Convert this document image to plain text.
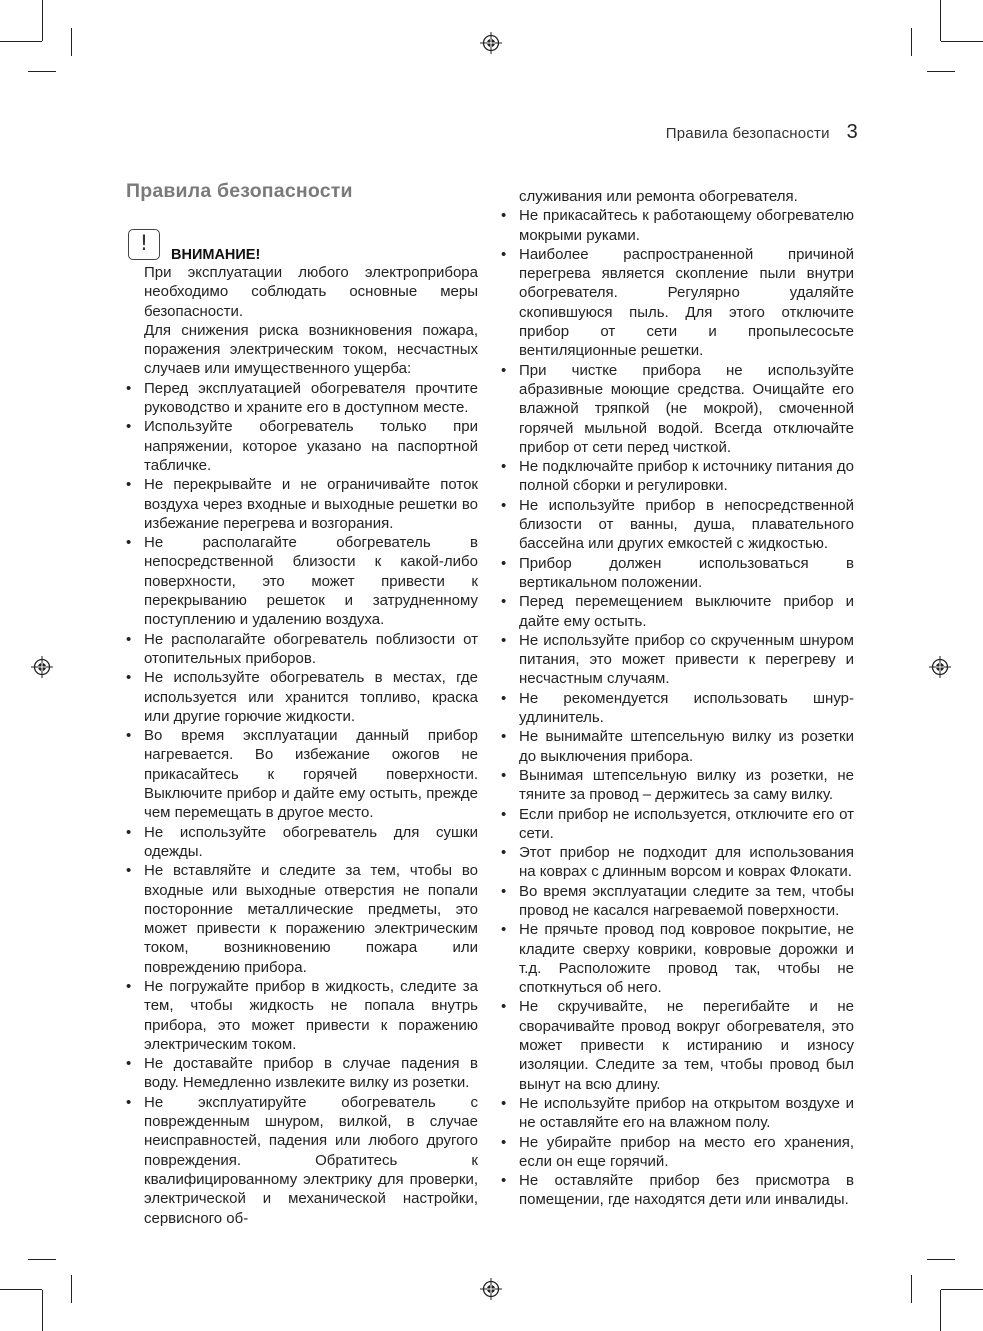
Правила безопасности 3
Правила безопасности
!	ВНИМАНИЕ!

При эксплуатации любого электроприбора необходимо соблюдать основные меры безопасности.

Для снижения риска возникновения пожара, поражения электрическим током, несчастных случаев или имущественного ущерба:

• Перед эксплуатацией обогревателя прочтите руководство и храните его в доступном месте.
• Используйте обогреватель только при напряжении, которое указано на паспортной табличке.
• Не перекрывайте и не ограничивайте поток воздуха через входные и выходные решетки во избежание перегрева и возгорания.
• Не располагайте обогреватель в непосредственной близости к какой-либо поверхности, это может привести к перекрыванию решеток и затрудненному поступлению и удалению воздуха.
• Не располагайте обогреватель поблизости от отопительных приборов.
• Не используйте обогреватель в местах, где используется или хранится топливо, краска или другие горючие жидкости.
• Во время эксплуатации данный прибор нагревается. Во избежание ожогов не прикасайтесь к горячей поверхности. Выключите прибор и дайте ему остыть, прежде чем перемещать в другое место.
• Не используйте обогреватель для сушки одежды.
• Не вставляйте и следите за тем, чтобы во входные или выходные отверстия не попали посторонние металлические предметы, это может привести к поражению электрическим током, возникновению пожара или повреждению прибора.
• Не погружайте прибор в жидкость, следите за тем, чтобы жидкость не попала внутрь прибора, это может привести к поражению электрическим током.
• Не доставайте прибор в случае падения в воду. Немедленно извлеките вилку из розетки.
• Не эксплуатируйте обогреватель с поврежденным шнуром, вилкой, в случае неисправностей, падения или любого другого повреждения. Обратитесь к квалифицированному электрику для проверки, электрической и механической настройки, сервисного об-

служивания или ремонта обогревателя.

• Не прикасайтесь к работающему обогревателю мокрыми руками.
• Наиболее распространенной причиной перегрева является скопление пыли внутри обогревателя. Регулярно удаляйте скопившуюся пыль. Для этого отключите прибор от сети и пропылесосьте вентиляционные решетки.
• При чистке прибора не используйте абразивные моющие средства. Очищайте его влажной тряпкой (не мокрой), смоченной горячей мыльной водой. Всегда отключайте прибор от сети перед чисткой.
• Не подключайте прибор к источнику питания до полной сборки и регулировки.
• Не используйте прибор в непосредственной близости от ванны, душа, плавательного бассейна или других емкостей с жидкостью.
• Прибор должен использоваться в вертикальном положении.
• Перед перемещением выключите прибор и дайте ему остыть.
• Не используйте прибор со скрученным шнуром питания, это может привести к перегреву и несчастным случаям.
• Не рекомендуется использовать шнур-удлинитель.
• Не вынимайте штепсельную вилку из розетки до выключения прибора.
• Вынимая штепсельную вилку из розетки, не тяните за провод – держитесь за саму вилку.
• Если прибор не используется, отключите его от сети.
• Этот прибор не подходит для использования на коврах с длинным ворсом и коврах Флокати.
• Во время эксплуатации следите за тем, чтобы провод не касался нагреваемой поверхности.
• Не прячьте провод под ковровое покрытие, не кладите сверху коврики, ковровые дорожки и т.д. Расположите провод так, чтобы не споткнуться об него.
• Не скручивайте, не перегибайте и не сворачивайте провод вокруг обогревателя, это может привести к истиранию и износу изоляции. Следите за тем, чтобы провод был вынут на всю длину.
• Не используйте прибор на открытом воздухе и не оставляйте его на влажном полу.
• Не убирайте прибор на место его хранения, если он еще горячий.
• Не оставляйте прибор без присмотра в помещении, где находятся дети или инвалиды.
